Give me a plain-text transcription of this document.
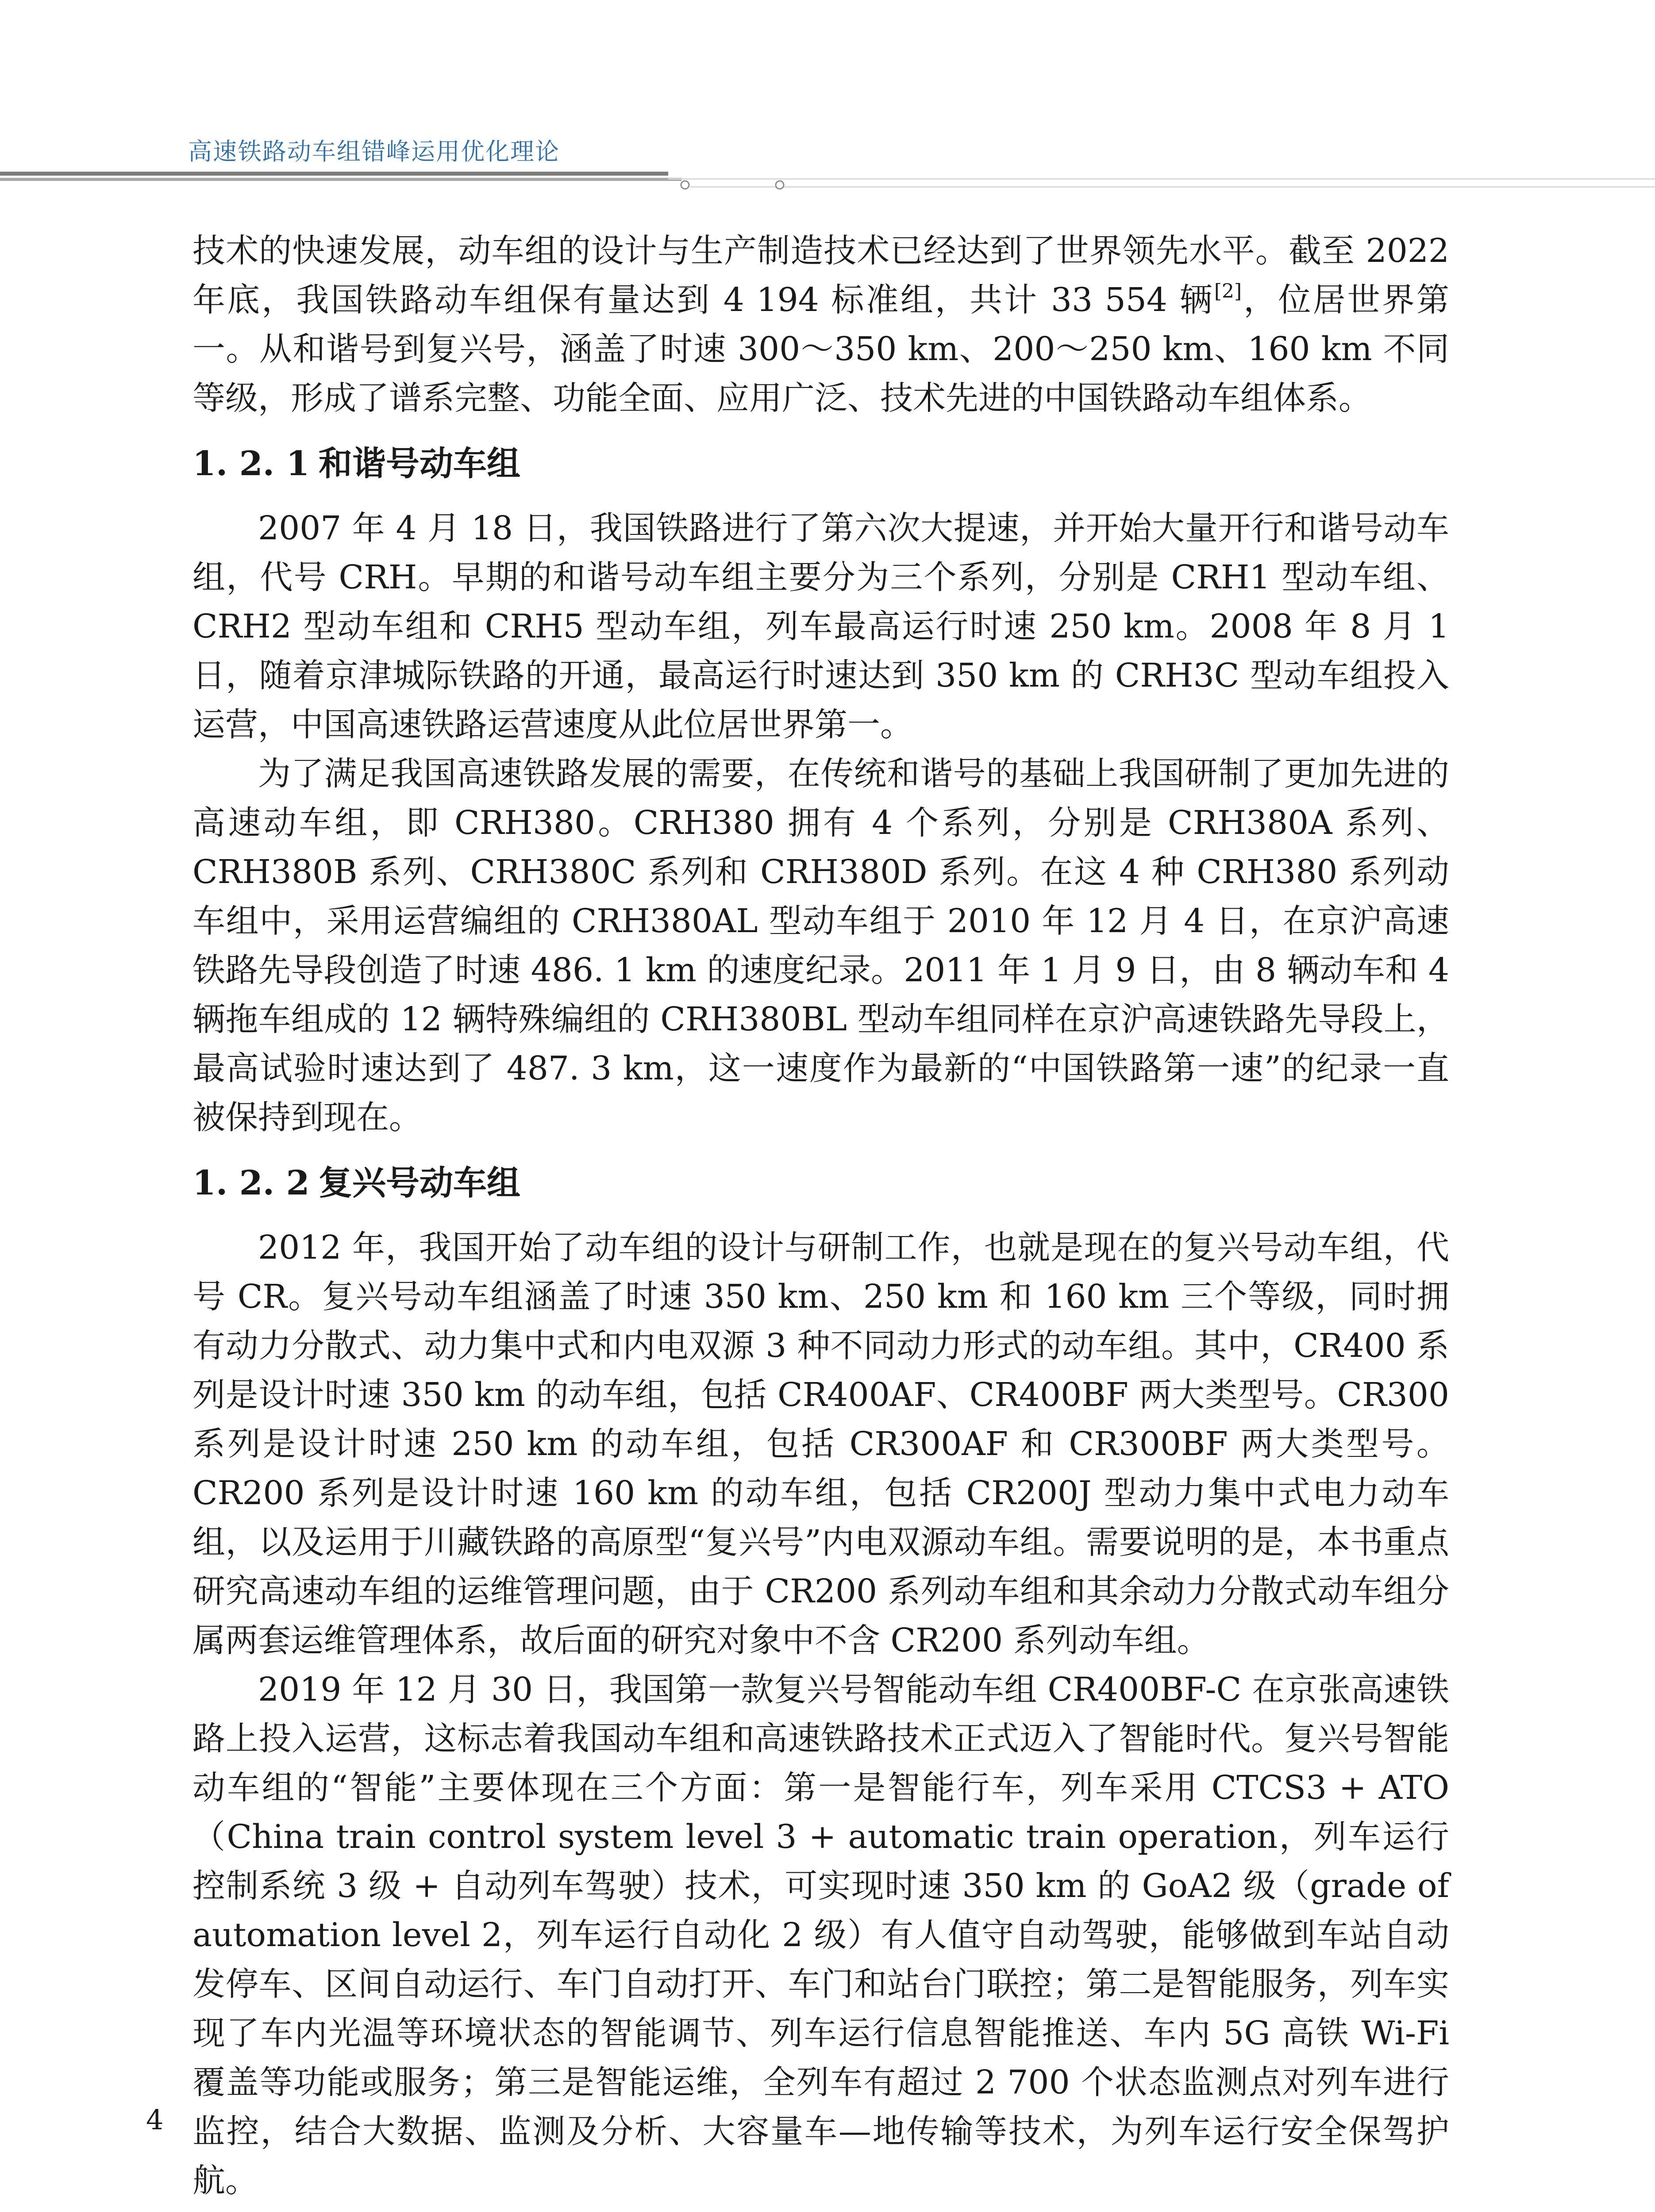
高速铁路动车组错峰运用优化理论

技术的快速发展，动车组的设计与生产制造技术已经达到了世界领先水平。截至 2022 年底，我国铁路动车组保有量达到 4 194 标准组，共计 33 554 辆[2]，位居世界第一。从和谐号到复兴号，涵盖了时速 300～350 km、200～250 km、160 km 不同等级，形成了谱系完整、功能全面、应用广泛、技术先进的中国铁路动车组体系。

1. 2. 1 和谐号动车组

2007 年 4 月 18 日，我国铁路进行了第六次大提速，并开始大量开行和谐号动车组，代号 CRH。早期的和谐号动车组主要分为三个系列，分别是 CRH1 型动车组、CRH2 型动车组和 CRH5 型动车组，列车最高运行时速 250 km。2008 年 8 月 1 日，随着京津城际铁路的开通，最高运行时速达到 350 km 的 CRH3C 型动车组投入运营，中国高速铁路运营速度从此位居世界第一。

为了满足我国高速铁路发展的需要，在传统和谐号的基础上我国研制了更加先进的高速动车组，即 CRH380。CRH380 拥有 4 个系列，分别是 CRH380A 系列、CRH380B 系列、CRH380C 系列和 CRH380D 系列。在这 4 种 CRH380 系列动车组中，采用运营编组的 CRH380AL 型动车组于 2010 年 12 月 4 日，在京沪高速铁路先导段创造了时速 486. 1 km 的速度纪录。2011 年 1 月 9 日，由 8 辆动车和 4 辆拖车组成的 12 辆特殊编组的 CRH380BL 型动车组同样在京沪高速铁路先导段上，最高试验时速达到了 487. 3 km，这一速度作为最新的“中国铁路第一速”的纪录一直被保持到现在。

1. 2. 2 复兴号动车组

2012 年，我国开始了动车组的设计与研制工作，也就是现在的复兴号动车组，代号 CR。复兴号动车组涵盖了时速 350 km、250 km 和 160 km 三个等级，同时拥有动力分散式、动力集中式和内电双源 3 种不同动力形式的动车组。其中，CR400 系列是设计时速 350 km 的动车组，包括 CR400AF、CR400BF 两大类型号。CR300 系列是设计时速 250 km 的动车组，包括 CR300AF 和 CR300BF 两大类型号。CR200 系列是设计时速 160 km 的动车组，包括 CR200J 型动力集中式电力动车组，以及运用于川藏铁路的高原型“复兴号”内电双源动车组。需要说明的是，本书重点研究高速动车组的运维管理问题，由于 CR200 系列动车组和其余动力分散式动车组分属两套运维管理体系，故后面的研究对象中不含 CR200 系列动车组。

2019 年 12 月 30 日，我国第一款复兴号智能动车组 CR400BF-C 在京张高速铁路上投入运营，这标志着我国动车组和高速铁路技术正式迈入了智能时代。复兴号智能动车组的“智能”主要体现在三个方面：第一是智能行车，列车采用 CTCS3 + ATO（China train control system level 3 + automatic train operation，列车运行控制系统 3 级 + 自动列车驾驶）技术，可实现时速 350 km 的 GoA2 级（grade of automation level 2，列车运行自动化 2 级）有人值守自动驾驶，能够做到车站自动发停车、区间自动运行、车门自动打开、车门和站台门联控；第二是智能服务，列车实现了车内光温等环境状态的智能调节、列车运行信息智能推送、车内 5G 高铁 Wi-Fi 覆盖等功能或服务；第三是智能运维，全列车有超过 2 700 个状态监测点对列车进行监控，结合大数据、监测及分析、大容量车—地传输等技术，为列车运行安全保驾护航。

4
